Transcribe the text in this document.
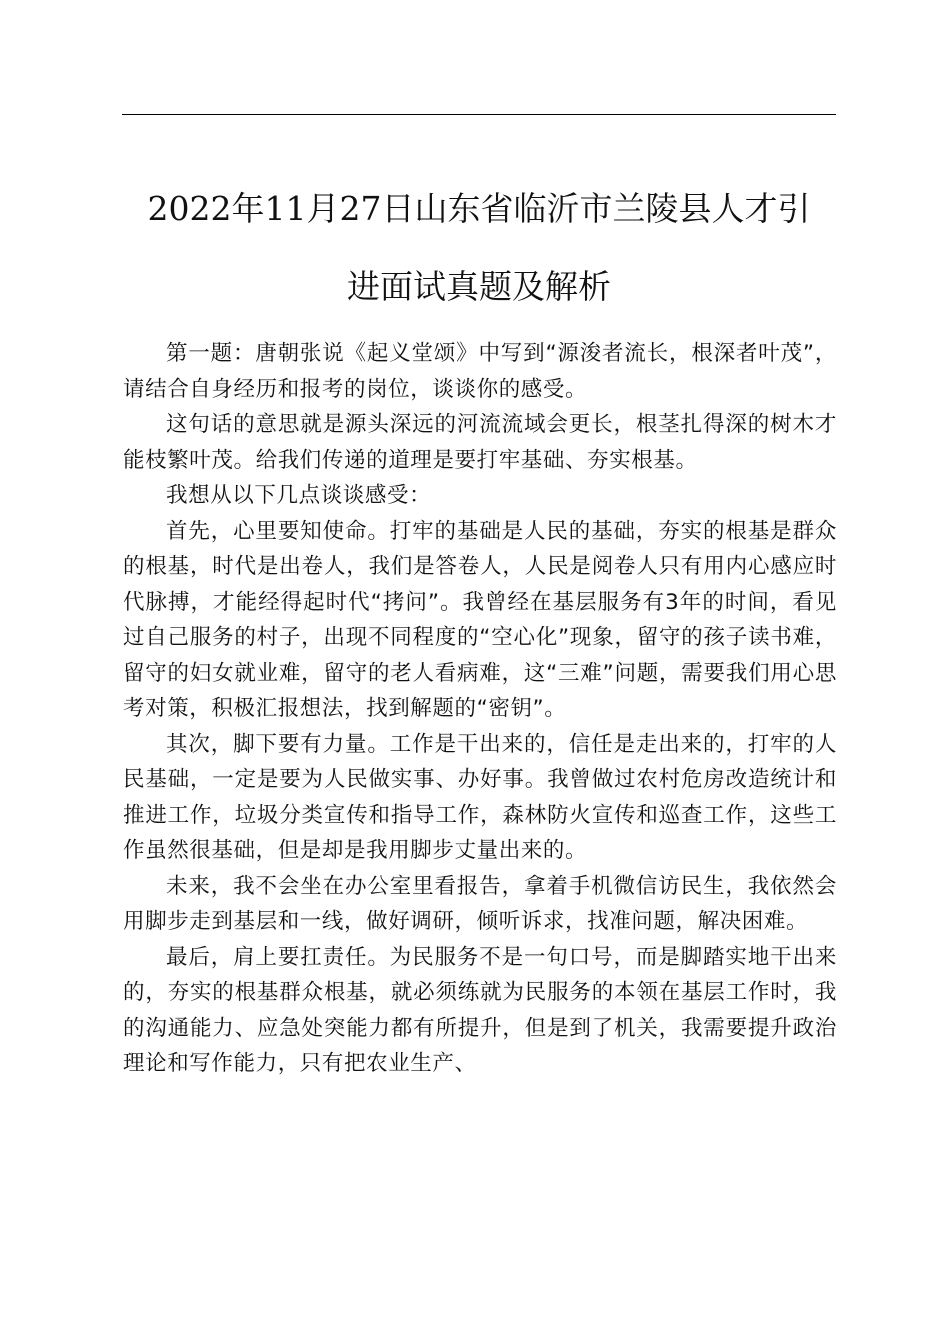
2022年11月27日山东省临沂市兰陵县人才引
进面试真题及解析

第一题：唐朝张说《起义堂颂》中写到“源浚者流长，根深者叶茂”，请结合自身经历和报考的岗位，谈谈你的感受。

这句话的意思就是源头深远的河流流域会更长，根茎扎得深的树木才能枝繁叶茂。给我们传递的道理是要打牢基础、夯实根基。

我想从以下几点谈谈感受：

首先，心里要知使命。打牢的基础是人民的基础，夯实的根基是群众的根基，时代是出卷人，我们是答卷人，人民是阅卷人只有用内心感应时代脉搏，才能经得起时代“拷问”。我曾经在基层服务有3年的时间，看见过自己服务的村子，出现不同程度的“空心化”现象，留守的孩子读书难，留守的妇女就业难，留守的老人看病难，这“三难”问题，需要我们用心思考对策，积极汇报想法，找到解题的“密钥”。

其次，脚下要有力量。工作是干出来的，信任是走出来的，打牢的人民基础，一定是要为人民做实事、办好事。我曾做过农村危房改造统计和推进工作，垃圾分类宣传和指导工作，森林防火宣传和巡查工作，这些工作虽然很基础，但是却是我用脚步丈量出来的。

未来，我不会坐在办公室里看报告，拿着手机微信访民生，我依然会用脚步走到基层和一线，做好调研，倾听诉求，找准问题，解决困难。

最后，肩上要扛责任。为民服务不是一句口号，而是脚踏实地干出来的，夯实的根基群众根基，就必须练就为民服务的本领在基层工作时，我的沟通能力、应急处突能力都有所提升，但是到了机关，我需要提升政治理论和写作能力，只有把农业生产、
